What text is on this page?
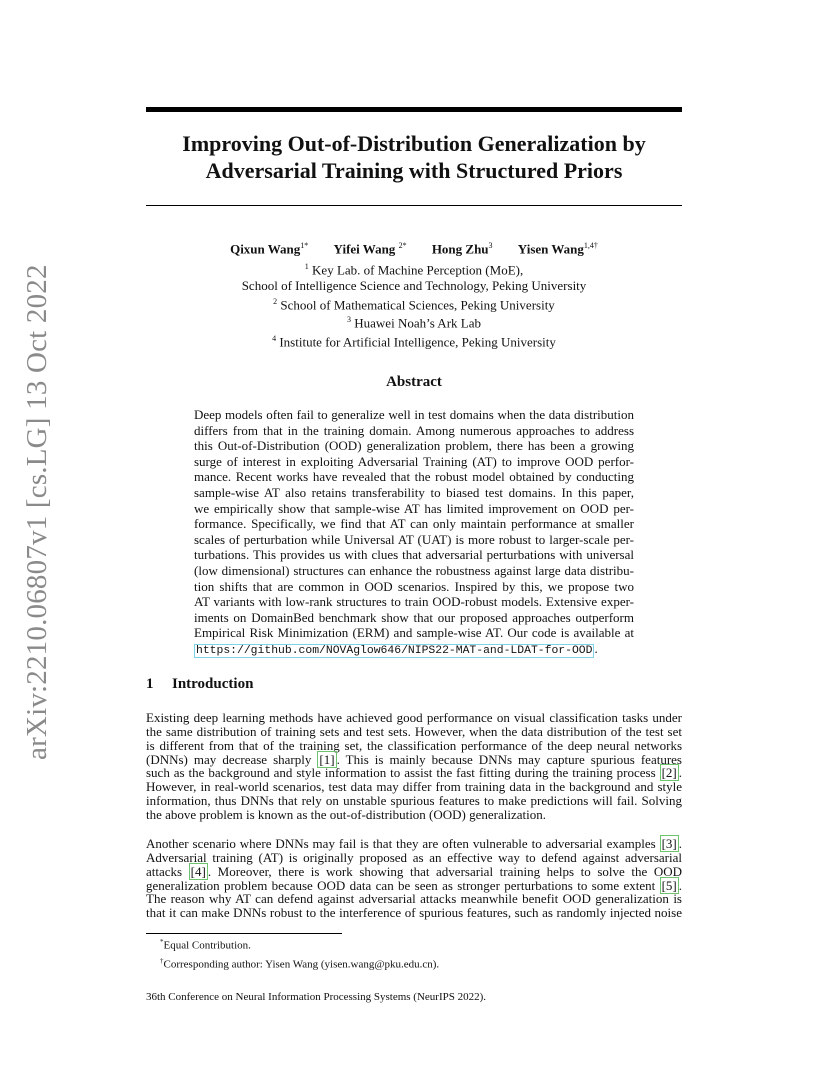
arXiv:2210.06807v1 [cs.LG] 13 Oct 2022
Improving Out-of-Distribution Generalization by
Adversarial Training with Structured Priors
Qixun Wang$^{1*}$ Yifei Wang $^{2*}$ Hong Zhu$^3$ Yisen Wang$^{1,4\dagger}$
$^1$ Key Lab. of Machine Perception (MoE),
School of Intelligence Science and Technology, Peking University
$^2$ School of Mathematical Sciences, Peking University
$^3$ Huawei Noah’s Ark Lab
$^4$ Institute for Artificial Intelligence, Peking University
Abstract
Deep models often fail to generalize well in test domains when the data distribution
differs from that in the training domain. Among numerous approaches to address
this Out-of-Distribution (OOD) generalization problem, there has been a growing
surge of interest in exploiting Adversarial Training (AT) to improve OOD perfor-
mance. Recent works have revealed that the robust model obtained by conducting
sample-wise AT also retains transferability to biased test domains. In this paper,
we empirically show that sample-wise AT has limited improvement on OOD per-
formance. Specifically, we find that AT can only maintain performance at smaller
scales of perturbation while Universal AT (UAT) is more robust to larger-scale per-
turbations. This provides us with clues that adversarial perturbations with universal
(low dimensional) structures can enhance the robustness against large data distribu-
tion shifts that are common in OOD scenarios. Inspired by this, we propose two
AT variants with low-rank structures to train OOD-robust models. Extensive exper-
iments on DomainBed benchmark show that our proposed approaches outperform
Empirical Risk Minimization (ERM) and sample-wise AT. Our code is available at
https://github.com/NOVAglow646/NIPS22-MAT-and-LDAT-for-OOD .
1 Introduction
Existing deep learning methods have achieved good performance on visual classification tasks under
the same distribution of training sets and test sets. However, when the data distribution of the test set
is different from that of the training set, the classification performance of the deep neural networks
(DNNs) may decrease sharply [1] . This is mainly because DNNs may capture spurious features
such as the background and style information to assist the fast fitting during the training process [2] .
However, in real-world scenarios, test data may differ from training data in the background and style
information, thus DNNs that rely on unstable spurious features to make predictions will fail. Solving
the above problem is known as the out-of-distribution (OOD) generalization.
Another scenario where DNNs may fail is that they are often vulnerable to adversarial examples [3] .
Adversarial training (AT) is originally proposed as an effective way to defend against adversarial
attacks [4] . Moreover, there is work showing that adversarial training helps to solve the OOD
generalization problem because OOD data can be seen as stronger perturbations to some extent [5] .
The reason why AT can defend against adversarial attacks meanwhile benefit OOD generalization is
that it can make DNNs robust to the interference of spurious features, such as randomly injected noise
*Equal Contribution.
†Corresponding author: Yisen Wang (yisen.wang@pku.edu.cn).
36th Conference on Neural Information Processing Systems (NeurIPS 2022).
